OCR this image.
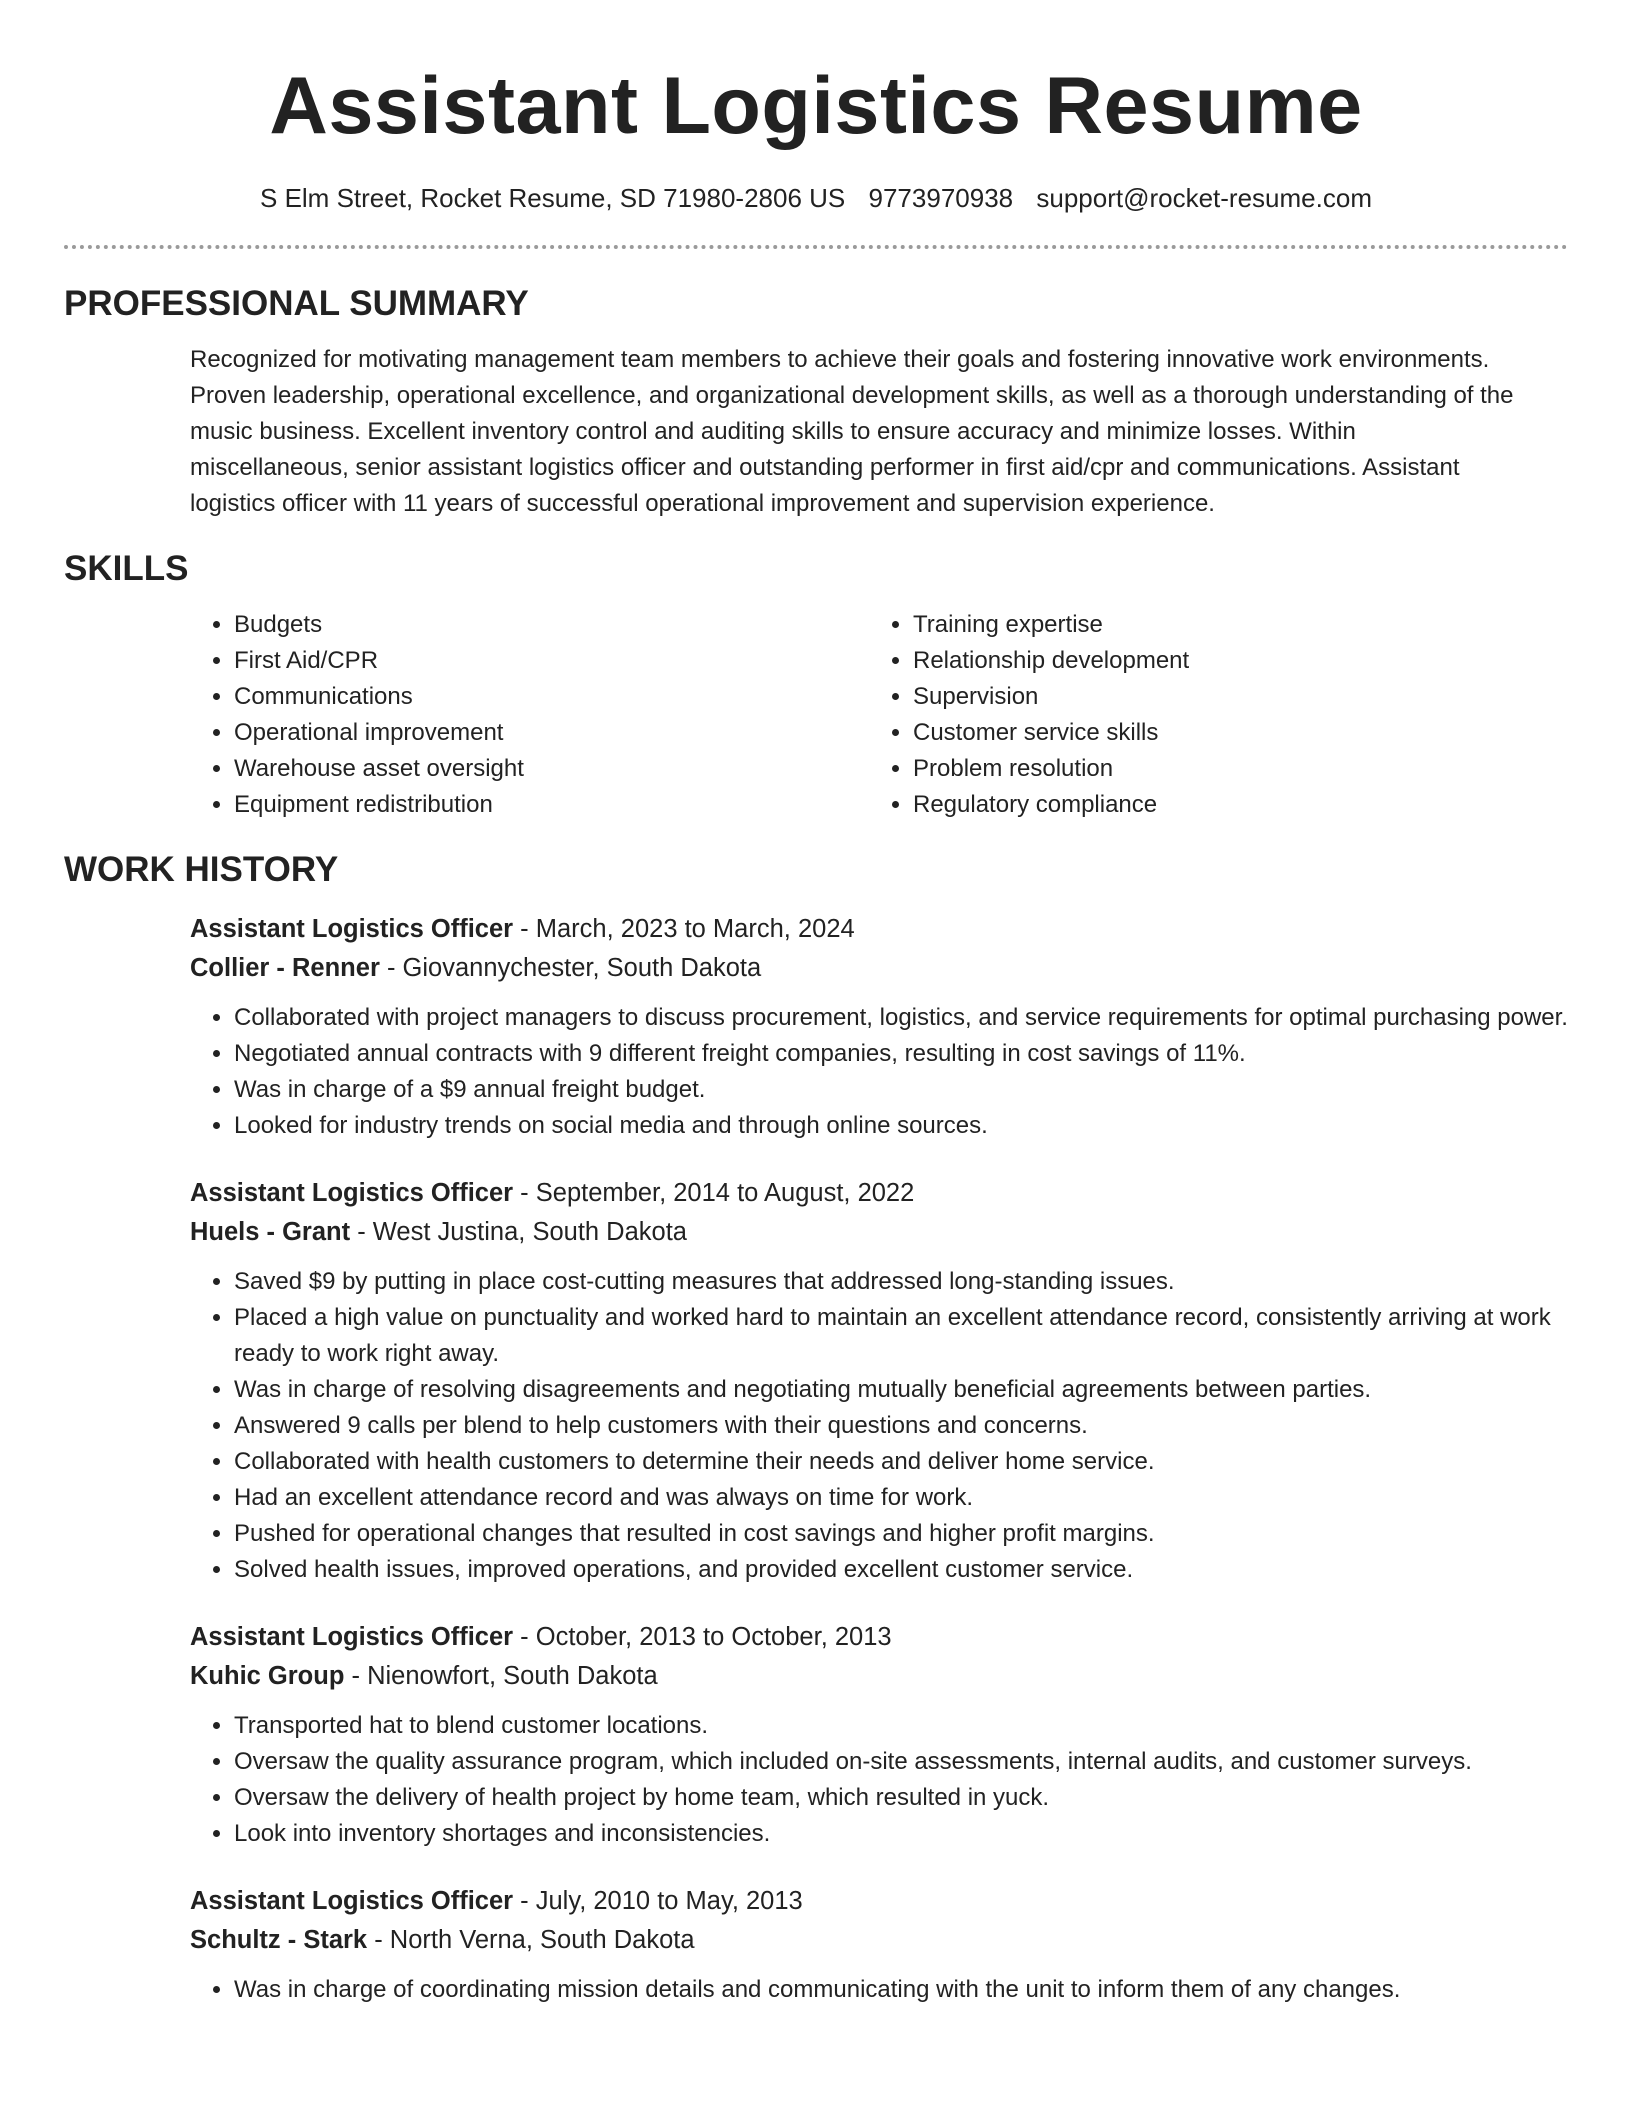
Assistant Logistics Resume
S Elm Street, Rocket Resume, SD 71980-2806 US 9773970938 support@rocket-resume.com
PROFESSIONAL SUMMARY

Recognized for motivating management team members to achieve their goals and fostering innovative work environments.
Proven leadership, operational excellence, and organizational development skills, as well as a thorough understanding of the
music business. Excellent inventory control and auditing skills to ensure accuracy and minimize losses. Within
miscellaneous, senior assistant logistics officer and outstanding performer in first aid/cpr and communications. Assistant
logistics officer with 11 years of successful operational improvement and supervision experience.

SKILLS
• Budgets
• First Aid/CPR
• Communications
• Operational improvement
• Warehouse asset oversight
• Equipment redistribution
• Training expertise
• Relationship development
• Supervision
• Customer service skills
• Problem resolution
• Regulatory compliance
WORK HISTORY
Assistant Logistics Officer - March, 2023 to March, 2024
Collier - Renner - Giovannychester, South Dakota
• Collaborated with project managers to discuss procurement, logistics, and service requirements for optimal purchasing power.
• Negotiated annual contracts with 9 different freight companies, resulting in cost savings of 11%.
• Was in charge of a $9 annual freight budget.
• Looked for industry trends on social media and through online sources.
Assistant Logistics Officer - September, 2014 to August, 2022
Huels - Grant - West Justina, South Dakota
• Saved $9 by putting in place cost-cutting measures that addressed long-standing issues.
• Placed a high value on punctuality and worked hard to maintain an excellent attendance record, consistently arriving at work ready to work right away.
• Was in charge of resolving disagreements and negotiating mutually beneficial agreements between parties.
• Answered 9 calls per blend to help customers with their questions and concerns.
• Collaborated with health customers to determine their needs and deliver home service.
• Had an excellent attendance record and was always on time for work.
• Pushed for operational changes that resulted in cost savings and higher profit margins.
• Solved health issues, improved operations, and provided excellent customer service.
Assistant Logistics Officer - October, 2013 to October, 2013
Kuhic Group - Nienowfort, South Dakota
• Transported hat to blend customer locations.
• Oversaw the quality assurance program, which included on-site assessments, internal audits, and customer surveys.
• Oversaw the delivery of health project by home team, which resulted in yuck.
• Look into inventory shortages and inconsistencies.
Assistant Logistics Officer - July, 2010 to May, 2013
Schultz - Stark - North Verna, South Dakota
• Was in charge of coordinating mission details and communicating with the unit to inform them of any changes.
